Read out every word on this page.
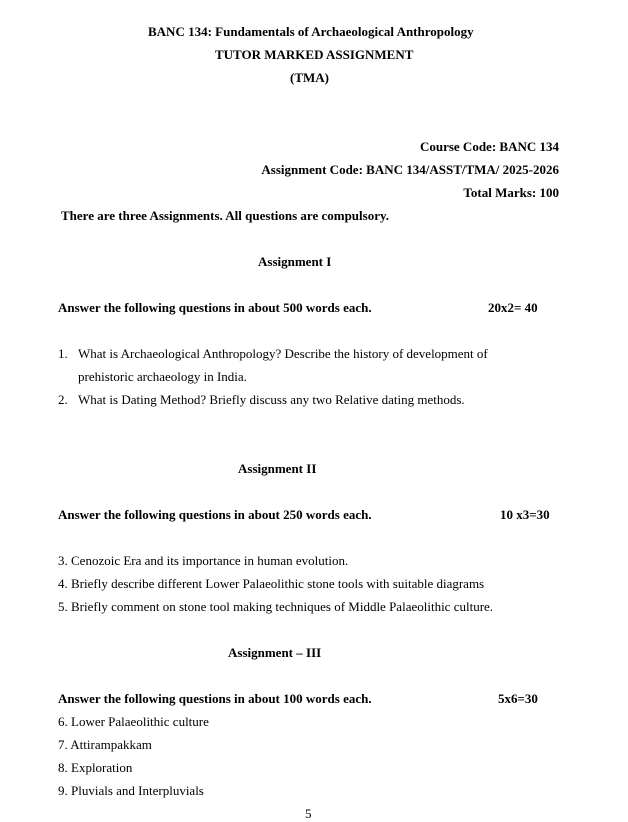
BANC 134: Fundamentals of Archaeological Anthropology
TUTOR MARKED ASSIGNMENT
(TMA)
Course Code: BANC 134
Assignment Code: BANC 134/ASST/TMA/ 2025-2026
Total Marks: 100
There are three Assignments. All questions are compulsory.
Assignment I
Answer the following questions in about 500 words each.	20x2= 40
1. What is Archaeological Anthropology? Describe the history of development of
prehistoric archaeology in India.
2. What is Dating Method? Briefly discuss any two Relative dating methods.
Assignment II
Answer the following questions in about 250 words each.	10 x3=30
3. Cenozoic Era and its importance in human evolution.
4. Briefly describe different Lower Palaeolithic stone tools with suitable diagrams
5. Briefly comment on stone tool making techniques of Middle Palaeolithic culture.
Assignment – III
Answer the following questions in about 100 words each.	5x6=30
6. Lower Palaeolithic culture
7. Attirampakkam
8. Exploration
9. Pluvials and Interpluvials
5
